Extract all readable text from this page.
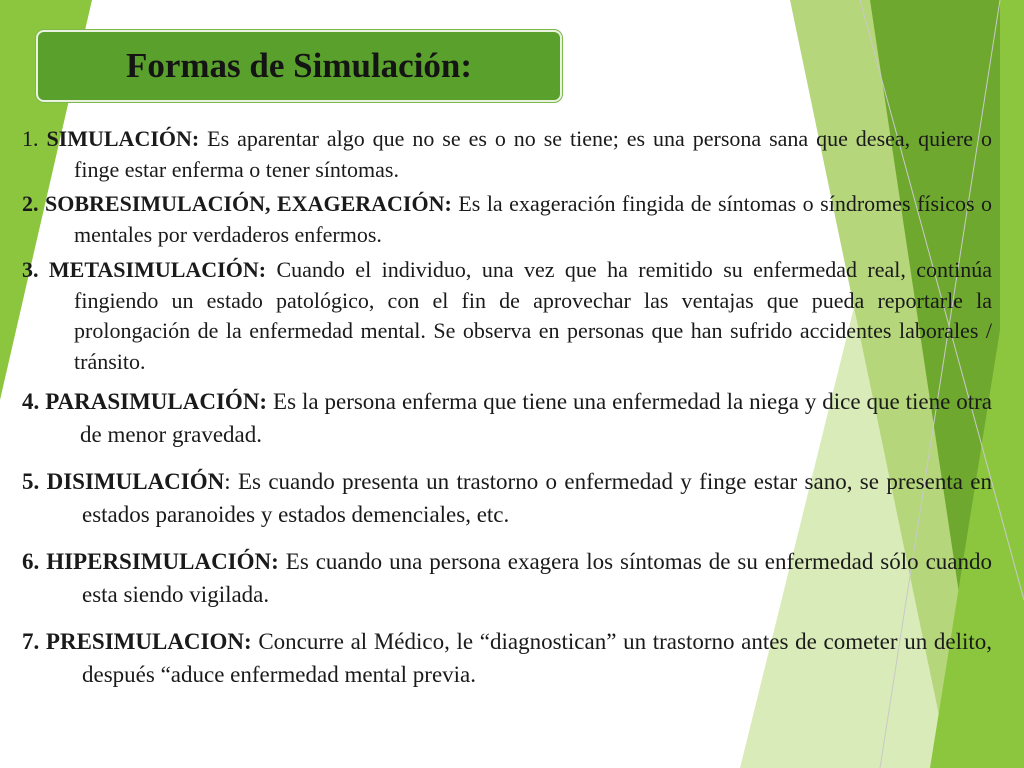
Formas de Simulación:

1. SIMULACIÓN: Es aparentar algo que no se es o no se tiene; es una persona sana que desea, quiere o finge estar enferma o tener síntomas.

2. SOBRESIMULACIÓN, EXAGERACIÓN: Es la exageración fingida de síntomas o síndromes físicos o mentales por verdaderos enfermos.

3. METASIMULACIÓN: Cuando el individuo, una vez que ha remitido su enfermedad real, continúa fingiendo un estado patológico, con el fin de aprovechar las ventajas que pueda reportarle la prolongación de la enfermedad mental. Se observa en personas que han sufrido accidentes laborales / tránsito.

4. PARASIMULACIÓN: Es la persona enferma que tiene una enfermedad la niega y dice que tiene otra de menor gravedad.

5. DISIMULACIÓN: Es cuando presenta un trastorno o enfermedad y finge estar sano, se presenta en estados paranoides y estados demenciales, etc.

6. HIPERSIMULACIÓN: Es cuando una persona exagera los síntomas de su enfermedad sólo cuando esta siendo vigilada.

7. PRESIMULACION: Concurre al Médico, le “diagnostican” un trastorno antes de cometer un delito, después “aduce enfermedad mental previa.
